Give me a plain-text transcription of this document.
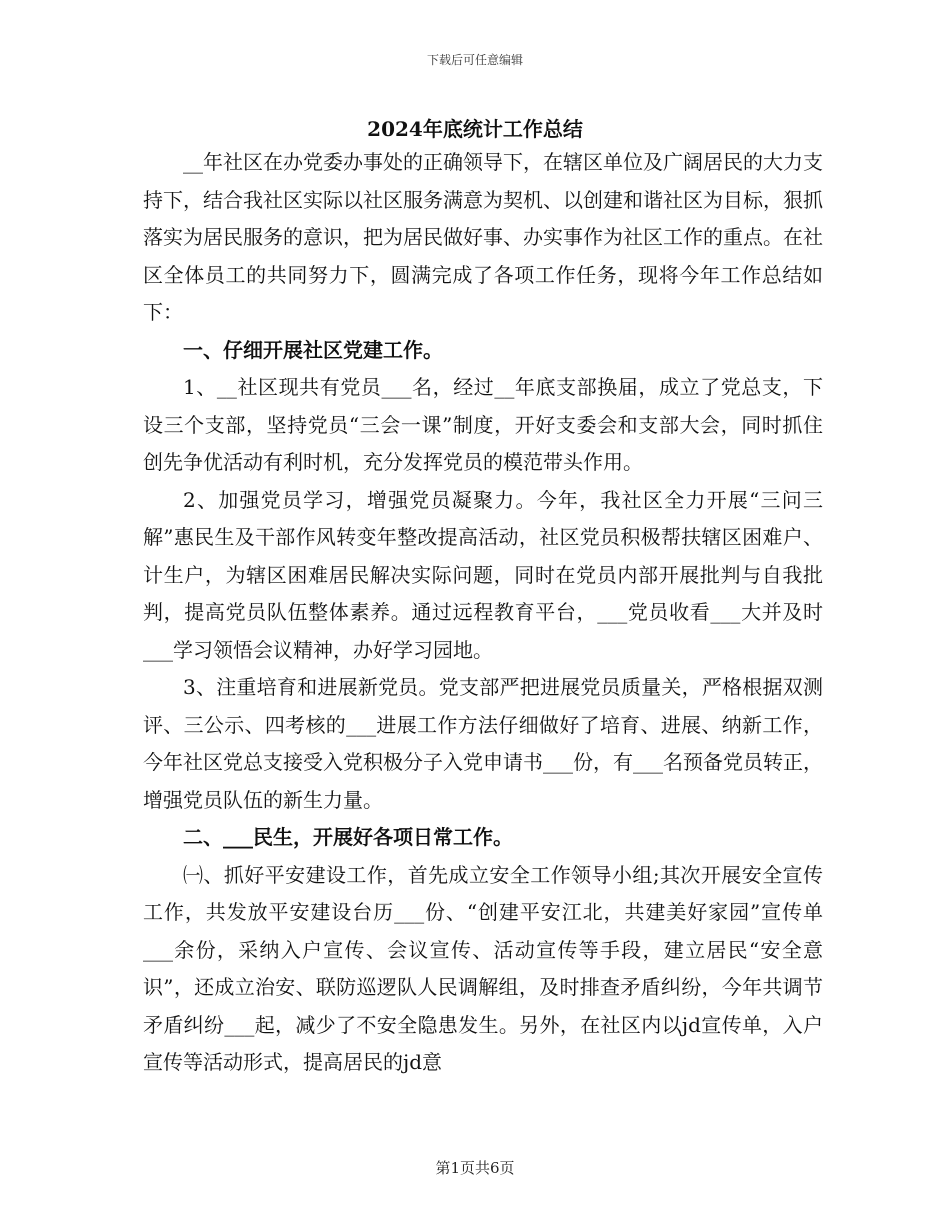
下载后可任意编辑
2024年底统计工作总结

__年社区在办党委办事处的正确领导下，在辖区单位及广阔居民的大力支持下，结合我社区实际以社区服务满意为契机、以创建和谐社区为目标，狠抓落实为居民服务的意识，把为居民做好事、办实事作为社区工作的重点。在社区全体员工的共同努力下，圆满完成了各项工作任务，现将今年工作总结如下：

一、仔细开展社区党建工作。

1、__社区现共有党员___名，经过__年底支部换届，成立了党总支，下设三个支部，坚持党员“三会一课”制度，开好支委会和支部大会，同时抓住创先争优活动有利时机，充分发挥党员的模范带头作用。

2、加强党员学习，增强党员凝聚力。今年，我社区全力开展“三问三解”惠民生及干部作风转变年整改提高活动，社区党员积极帮扶辖区困难户、计生户，为辖区困难居民解决实际问题，同时在党员内部开展批判与自我批判，提高党员队伍整体素养。通过远程教育平台，___党员收看___大并及时___学习领悟会议精神，办好学习园地。

3、注重培育和进展新党员。党支部严把进展党员质量关，严格根据双测评、三公示、四考核的___进展工作方法仔细做好了培育、进展、纳新工作，今年社区党总支接受入党积极分子入党申请书___份，有___名预备党员转正，增强党员队伍的新生力量。

二、___民生，开展好各项日常工作。

㈠、抓好平安建设工作，首先成立安全工作领导小组;其次开展安全宣传工作，共发放平安建设台历___份、“创建平安江北，共建美好家园”宣传单___余份，采纳入户宣传、会议宣传、活动宣传等手段，建立居民“安全意识”，还成立治安、联防巡逻队人民调解组，及时排查矛盾纠纷，今年共调节矛盾纠纷___起，减少了不安全隐患发生。另外，在社区内以jd宣传单，入户宣传等活动形式，提高居民的jd意

第1页共6页
